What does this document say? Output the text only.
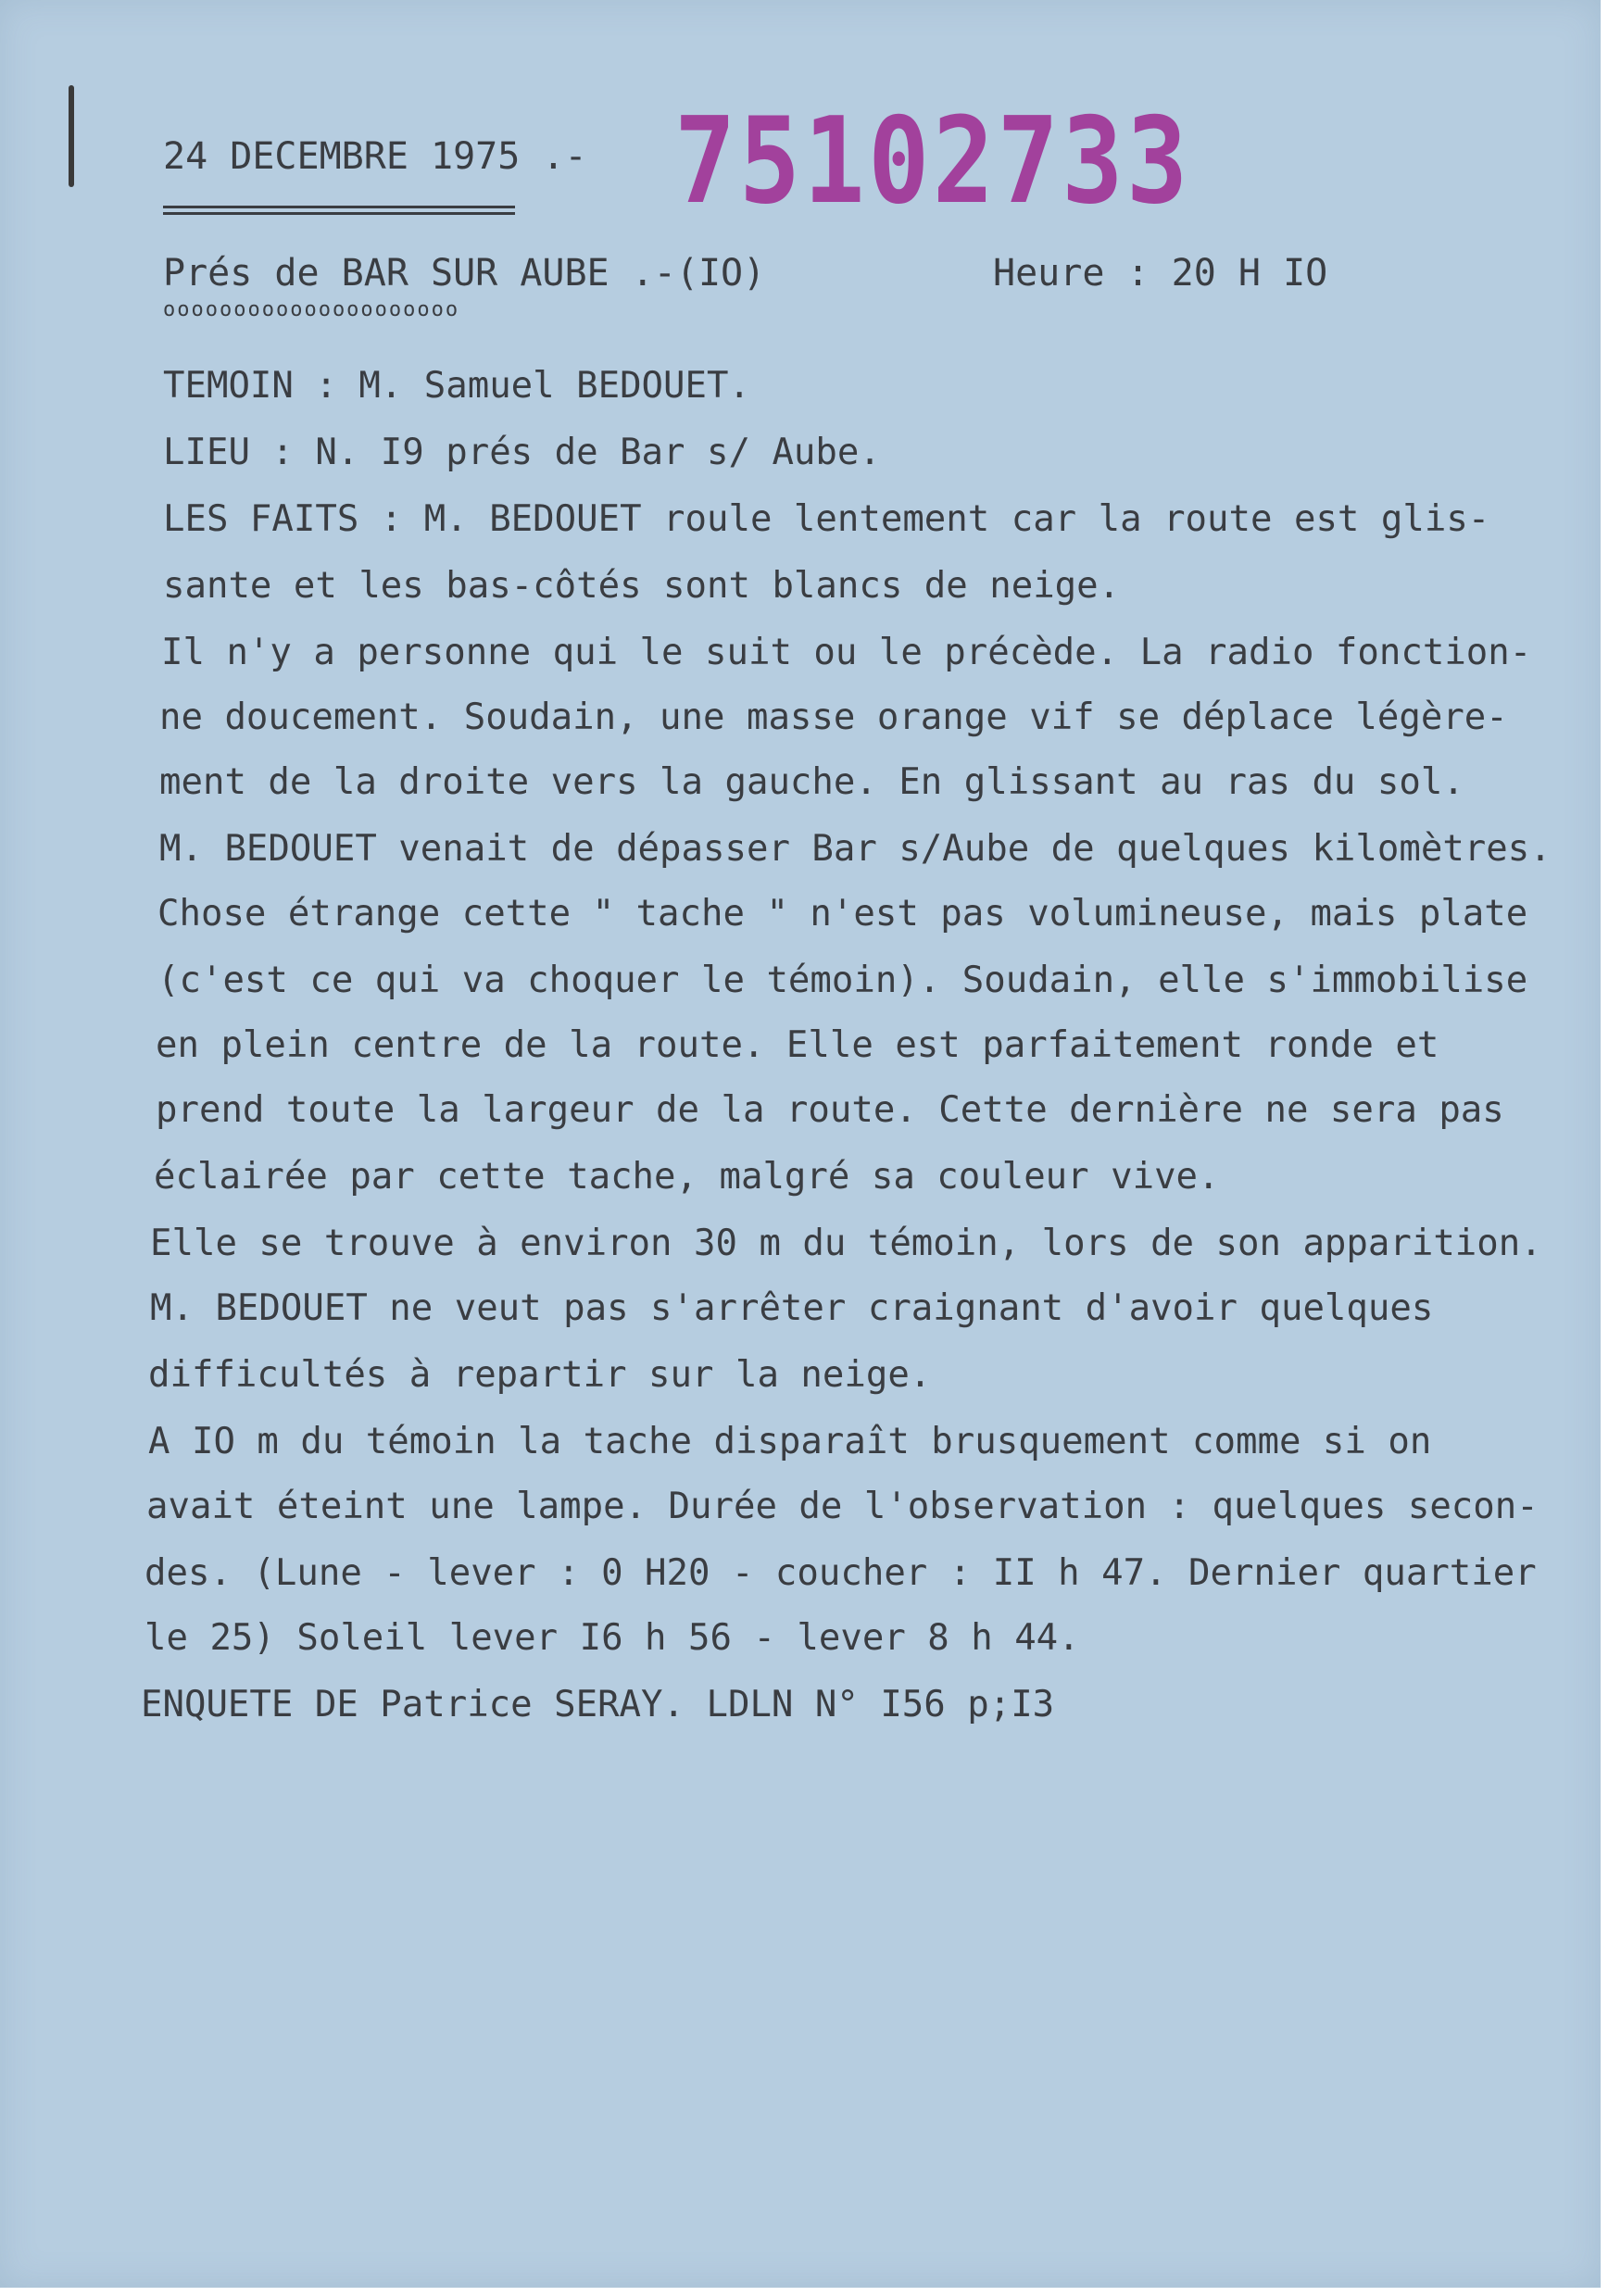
24 DECEMBRE 1975 .- 75102733
Prés de BAR SUR AUBE .-(IO)
ooooooooooooooooooooo
Heure : 20 H IO
TEMOIN : M. Samuel BEDOUET.
LIEU : N. I9 prés de Bar s/ Aube.
LES FAITS : M. BEDOUET roule lentement car la route est glis-
sante et les bas-côtés sont blancs de neige.
Il n'y a personne qui le suit ou le précède. La radio fonction-
ne doucement. Soudain, une masse orange vif se déplace légère-
ment de la droite vers la gauche. En glissant au ras du sol.
M. BEDOUET venait de dépasser Bar s/Aube de quelques kilomètres.
Chose étrange cette " tache " n'est pas volumineuse, mais plate
(c'est ce qui va choquer le témoin). Soudain, elle s'immobilise
en plein centre de la route. Elle est parfaitement ronde et
prend toute la largeur de la route. Cette dernière ne sera pas
éclairée par cette tache, malgré sa couleur vive.
Elle se trouve à environ 30 m du témoin, lors de son apparition.
M. BEDOUET ne veut pas s'arrêter craignant d'avoir quelques
difficultés à repartir sur la neige.
A IO m du témoin la tache disparaît brusquement comme si on
avait éteint une lampe. Durée de l'observation : quelques secon-
des. (Lune - lever : 0 H20 - coucher : II h 47. Dernier quartier
le 25) Soleil lever I6 h 56 - lever 8 h 44.
ENQUETE DE Patrice SERAY. LDLN N° I56 p;I3
